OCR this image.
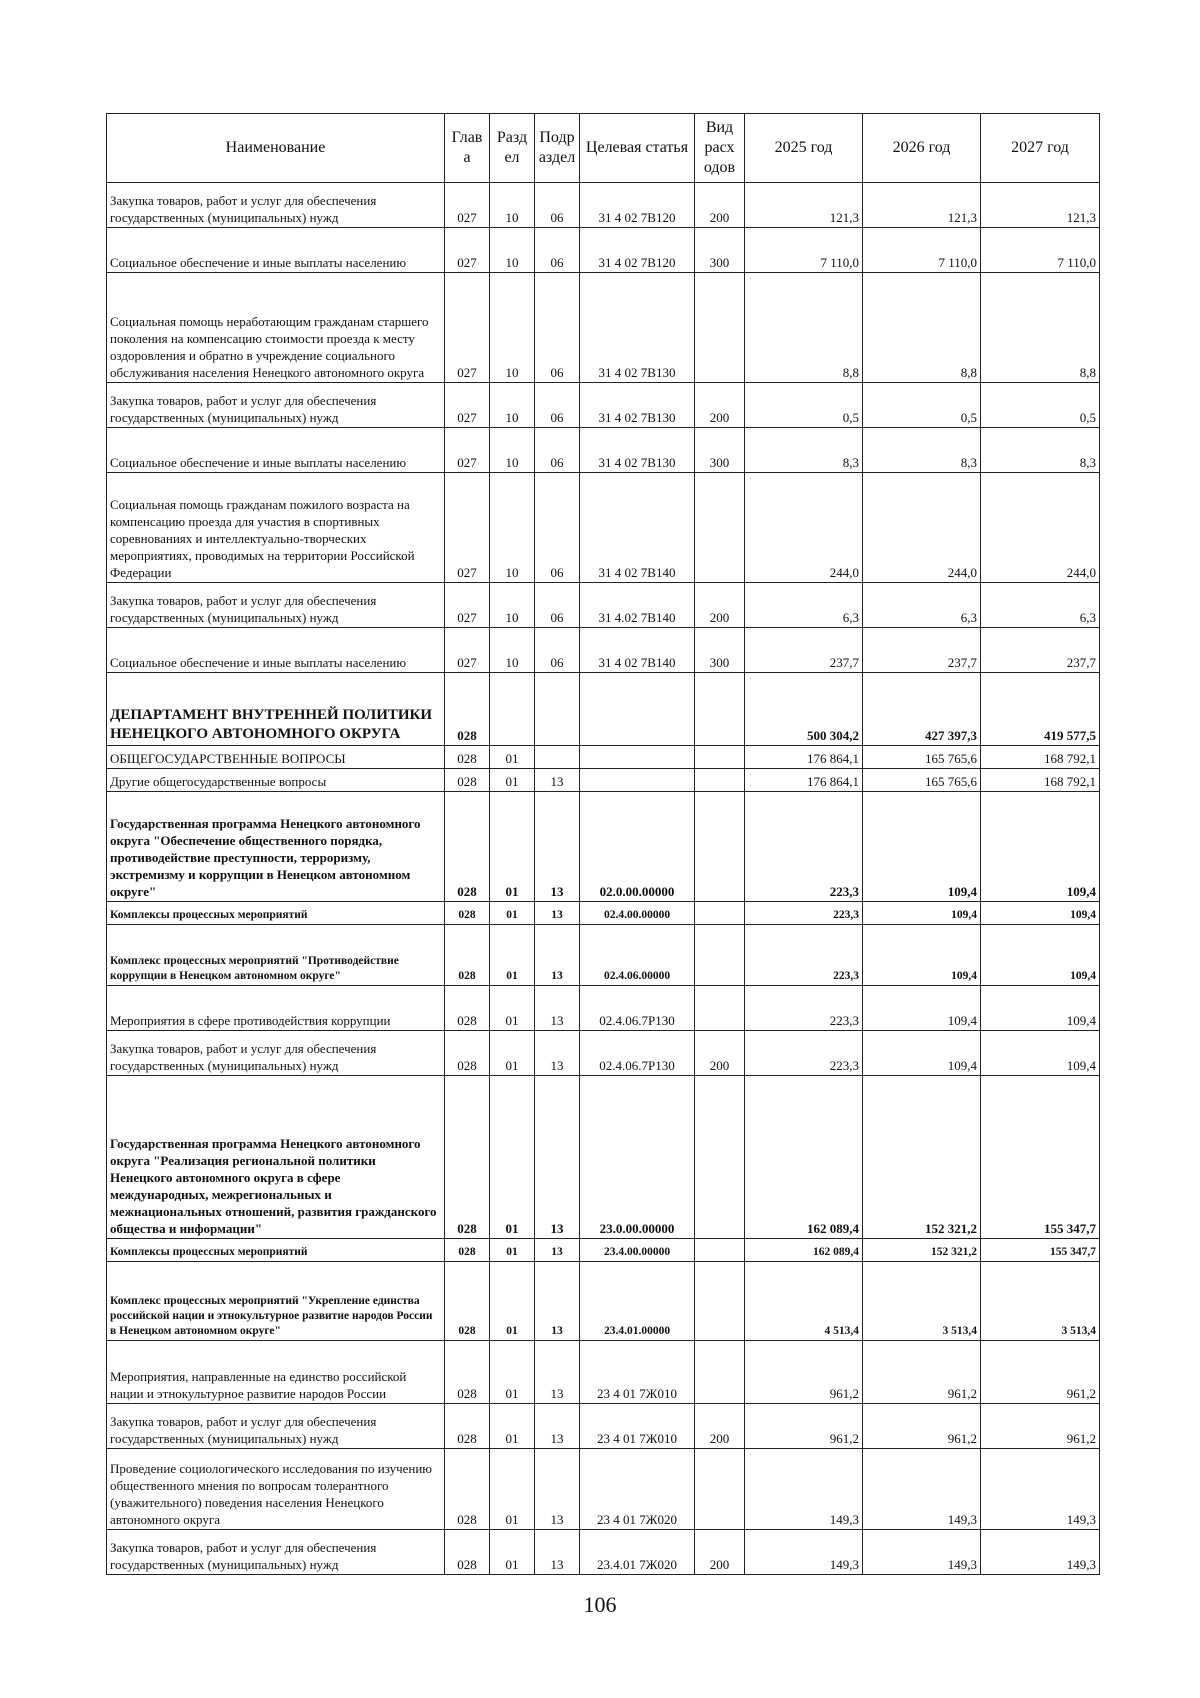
Наименование	Глав а	Разд ел	Подр аздел	Целевая статья	Вид расх одов	2025 год	2026 год	2027 год
Закупка товаров, работ и услуг для обеспечения государственных (муниципальных) нужд	027	10	06	31 4 02 7В120	200	121,3	121,3	121,3
Социальное обеспечение и иные выплаты населению	027	10	06	31 4 02 7В120	300	7 110,0	7 110,0	7 110,0
Социальная помощь неработающим гражданам старшего поколения на компенсацию стоимости проезда к месту оздоровления и обратно в учреждение социального обслуживания населения Ненецкого автономного округа	027	10	06	31 4 02 7В130		8,8	8,8	8,8
Закупка товаров, работ и услуг для обеспечения государственных (муниципальных) нужд	027	10	06	31 4 02 7В130	200	0,5	0,5	0,5
Социальное обеспечение и иные выплаты населению	027	10	06	31 4 02 7В130	300	8,3	8,3	8,3
Социальная помощь гражданам пожилого возраста на компенсацию проезда для участия в спортивных соревнованиях и интеллектуально-творческих мероприятиях, проводимых на территории Российской Федерации	027	10	06	31 4 02 7В140		244,0	244,0	244,0
Закупка товаров, работ и услуг для обеспечения государственных (муниципальных) нужд	027	10	06	31 4.02 7В140	200	6,3	6,3	6,3
Социальное обеспечение и иные выплаты населению	027	10	06	31 4 02 7В140	300	237,7	237,7	237,7
ДЕПАРТАМЕНТ ВНУТРЕННЕЙ ПОЛИТИКИ НЕНЕЦКОГО АВТОНОМНОГО ОКРУГА	028					500 304,2	427 397,3	419 577,5
ОБЩЕГОСУДАРСТВЕННЫЕ ВОПРОСЫ	028	01				176 864,1	165 765,6	168 792,1
Другие общегосударственные вопросы	028	01	13			176 864,1	165 765,6	168 792,1
Государственная программа Ненецкого автономного округа "Обеспечение общественного порядка, противодействие преступности, терроризму, экстремизму и коррупции в Ненецком автономном округе"	028	01	13	02.0.00.00000		223,3	109,4	109,4
Комплексы процессных мероприятий	028	01	13	02.4.00.00000		223,3	109,4	109,4
Комплекс процессных мероприятий "Противодействие коррупции в Ненецком автономном округе"	028	01	13	02.4.06.00000		223,3	109,4	109,4
Мероприятия в сфере противодействия коррупции	028	01	13	02.4.06.7Р130		223,3	109,4	109,4
Закупка товаров, работ и услуг для обеспечения государственных (муниципальных) нужд	028	01	13	02.4.06.7Р130	200	223,3	109,4	109,4
Государственная программа Ненецкого автономного округа "Реализация региональной политики Ненецкого автономного округа в сфере международных, межрегиональных и межнациональных отношений, развития гражданского общества и информации"	028	01	13	23.0.00.00000		162 089,4	152 321,2	155 347,7
Комплексы процессных мероприятий	028	01	13	23.4.00.00000		162 089,4	152 321,2	155 347,7
Комплекс процессных мероприятий "Укрепление единства российской нации и этнокультурное развитие народов России в Ненецком автономном округе"	028	01	13	23.4.01.00000		4 513,4	3 513,4	3 513,4
Мероприятия, направленные на единство российской нации и этнокультурное развитие народов России	028	01	13	23 4 01 7Ж010		961,2	961,2	961,2
Закупка товаров, работ и услуг для обеспечения государственных (муниципальных) нужд	028	01	13	23 4 01 7Ж010	200	961,2	961,2	961,2
Проведение социологического исследования по изучению общественного мнения по вопросам толерантного (уважительного) поведения населения Ненецкого автономного округа	028	01	13	23 4 01 7Ж020		149,3	149,3	149,3
Закупка товаров, работ и услуг для обеспечения государственных (муниципальных) нужд	028	01	13	23.4.01 7Ж020	200	149,3	149,3	149,3
106
